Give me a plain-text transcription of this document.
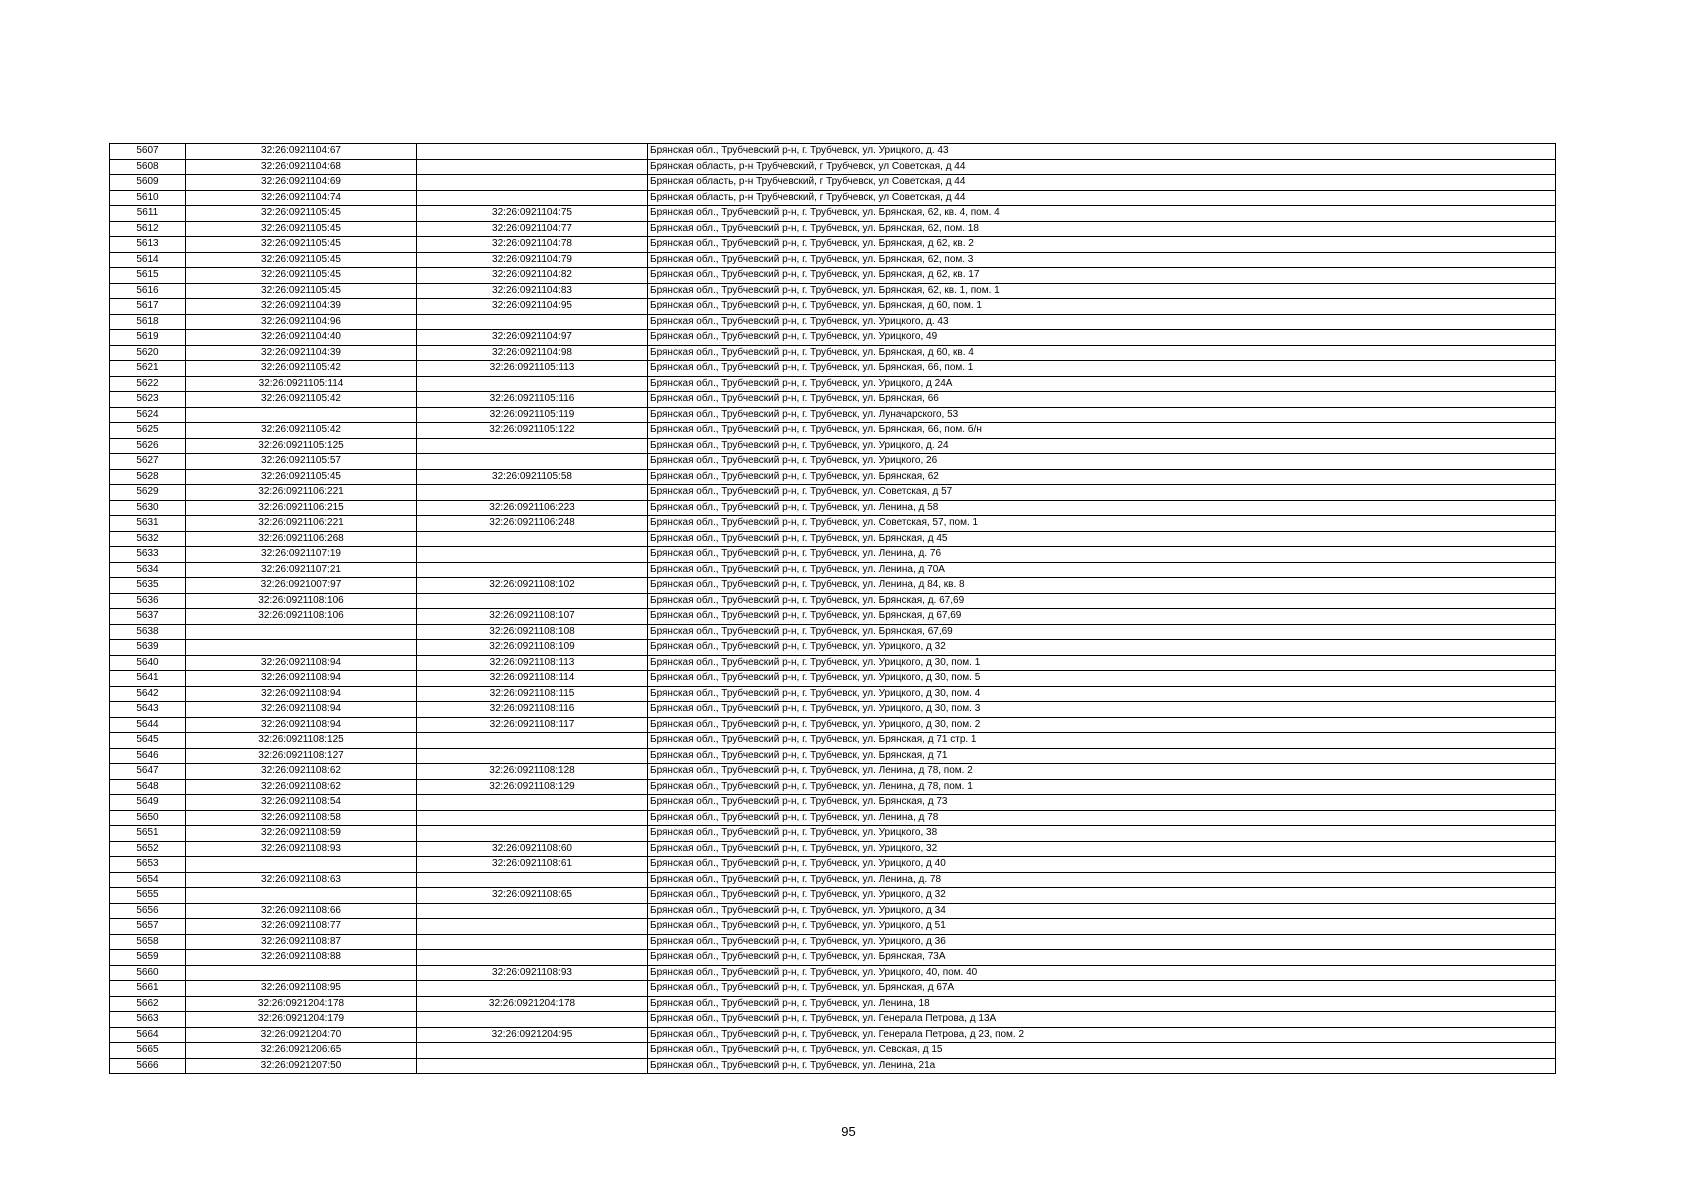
5607	32:26:0921104:67		Брянская обл., Трубчевский р-н, г. Трубчевск, ул. Урицкого, д. 43
5608	32:26:0921104:68		Брянская область, р-н Трубчевский, г Трубчевск, ул Советская, д 44
5609	32:26:0921104:69		Брянская область, р-н Трубчевский, г Трубчевск, ул Советская, д 44
5610	32:26:0921104:74		Брянская область, р-н Трубчевский, г Трубчевск, ул Советская, д 44
5611	32:26:0921105:45	32:26:0921104:75	Брянская обл., Трубчевский р-н, г. Трубчевск, ул. Брянская, 62, кв. 4, пом. 4
5612	32:26:0921105:45	32:26:0921104:77	Брянская обл., Трубчевский р-н, г. Трубчевск, ул. Брянская, 62, пом. 18
5613	32:26:0921105:45	32:26:0921104:78	Брянская обл., Трубчевский р-н, г. Трубчевск, ул. Брянская, д 62, кв. 2
5614	32:26:0921105:45	32:26:0921104:79	Брянская обл., Трубчевский р-н, г. Трубчевск, ул. Брянская, 62, пом. 3
5615	32:26:0921105:45	32:26:0921104:82	Брянская обл., Трубчевский р-н, г. Трубчевск, ул. Брянская, д 62, кв. 17
5616	32:26:0921105:45	32:26:0921104:83	Брянская обл., Трубчевский р-н, г. Трубчевск, ул. Брянская, 62, кв. 1, пом. 1
5617	32:26:0921104:39	32:26:0921104:95	Брянская обл., Трубчевский р-н, г. Трубчевск, ул. Брянская, д 60, пом. 1
5618	32:26:0921104:96		Брянская обл., Трубчевский р-н, г. Трубчевск, ул. Урицкого, д. 43
5619	32:26:0921104:40	32:26:0921104:97	Брянская обл., Трубчевский р-н, г. Трубчевск, ул. Урицкого, 49
5620	32:26:0921104:39	32:26:0921104:98	Брянская обл., Трубчевский р-н, г. Трубчевск, ул. Брянская, д 60, кв. 4
5621	32:26:0921105:42	32:26:0921105:113	Брянская обл., Трубчевский р-н, г. Трубчевск, ул. Брянская, 66, пом. 1
5622	32:26:0921105:114		Брянская обл., Трубчевский р-н, г. Трубчевск, ул. Урицкого, д 24А
5623	32:26:0921105:42	32:26:0921105:116	Брянская обл., Трубчевский р-н, г. Трубчевск, ул. Брянская, 66
5624		32:26:0921105:119	Брянская обл., Трубчевский р-н, г. Трубчевск, ул. Луначарского, 53
5625	32:26:0921105:42	32:26:0921105:122	Брянская обл., Трубчевский р-н, г. Трубчевск, ул. Брянская, 66, пом. б/н
5626	32:26:0921105:125		Брянская обл., Трубчевский р-н, г. Трубчевск, ул. Урицкого, д. 24
5627	32:26:0921105:57		Брянская обл., Трубчевский р-н, г. Трубчевск, ул. Урицкого, 26
5628	32:26:0921105:45	32:26:0921105:58	Брянская обл., Трубчевский р-н, г. Трубчевск, ул. Брянская, 62
5629	32:26:0921106:221		Брянская обл., Трубчевский р-н, г. Трубчевск, ул. Советская, д 57
5630	32:26:0921106:215	32:26:0921106:223	Брянская обл., Трубчевский р-н, г. Трубчевск, ул. Ленина, д 58
5631	32:26:0921106:221	32:26:0921106:248	Брянская обл., Трубчевский р-н, г. Трубчевск, ул. Советская, 57, пом. 1
5632	32:26:0921106:268		Брянская обл., Трубчевский р-н, г. Трубчевск, ул. Брянская, д 45
5633	32:26:0921107:19		Брянская обл., Трубчевский р-н, г. Трубчевск, ул. Ленина, д. 76
5634	32:26:0921107:21		Брянская обл., Трубчевский р-н, г. Трубчевск, ул. Ленина, д 70А
5635	32:26:0921007:97	32:26:0921108:102	Брянская обл., Трубчевский р-н, г. Трубчевск, ул. Ленина, д 84, кв. 8
5636	32:26:0921108:106		Брянская обл., Трубчевский р-н, г. Трубчевск, ул. Брянская, д. 67,69
5637	32:26:0921108:106	32:26:0921108:107	Брянская обл., Трубчевский р-н, г. Трубчевск, ул. Брянская, д 67,69
5638		32:26:0921108:108	Брянская обл., Трубчевский р-н, г. Трубчевск, ул. Брянская, 67,69
5639		32:26:0921108:109	Брянская обл., Трубчевский р-н, г. Трубчевск, ул. Урицкого, д 32
5640	32:26:0921108:94	32:26:0921108:113	Брянская обл., Трубчевский р-н, г. Трубчевск, ул. Урицкого, д 30, пом. 1
5641	32:26:0921108:94	32:26:0921108:114	Брянская обл., Трубчевский р-н, г. Трубчевск, ул. Урицкого, д 30, пом. 5
5642	32:26:0921108:94	32:26:0921108:115	Брянская обл., Трубчевский р-н, г. Трубчевск, ул. Урицкого, д 30, пом. 4
5643	32:26:0921108:94	32:26:0921108:116	Брянская обл., Трубчевский р-н, г. Трубчевск, ул. Урицкого, д 30, пом. 3
5644	32:26:0921108:94	32:26:0921108:117	Брянская обл., Трубчевский р-н, г. Трубчевск, ул. Урицкого, д 30, пом. 2
5645	32:26:0921108:125		Брянская обл., Трубчевский р-н, г. Трубчевск, ул. Брянская, д 71 стр. 1
5646	32:26:0921108:127		Брянская обл., Трубчевский р-н, г. Трубчевск, ул. Брянская, д 71
5647	32:26:0921108:62	32:26:0921108:128	Брянская обл., Трубчевский р-н, г. Трубчевск, ул. Ленина, д 78, пом. 2
5648	32:26:0921108:62	32:26:0921108:129	Брянская обл., Трубчевский р-н, г. Трубчевск, ул. Ленина, д 78, пом. 1
5649	32:26:0921108:54		Брянская обл., Трубчевский р-н, г. Трубчевск, ул. Брянская, д 73
5650	32:26:0921108:58		Брянская обл., Трубчевский р-н, г. Трубчевск, ул. Ленина, д 78
5651	32:26:0921108:59		Брянская обл., Трубчевский р-н, г. Трубчевск, ул. Урицкого, 38
5652	32:26:0921108:93	32:26:0921108:60	Брянская обл., Трубчевский р-н, г. Трубчевск, ул. Урицкого, 32
5653		32:26:0921108:61	Брянская обл., Трубчевский р-н, г. Трубчевск, ул. Урицкого, д 40
5654	32:26:0921108:63		Брянская обл., Трубчевский р-н, г. Трубчевск, ул. Ленина, д. 78
5655		32:26:0921108:65	Брянская обл., Трубчевский р-н, г. Трубчевск, ул. Урицкого, д 32
5656	32:26:0921108:66		Брянская обл., Трубчевский р-н, г. Трубчевск, ул. Урицкого, д 34
5657	32:26:0921108:77		Брянская обл., Трубчевский р-н, г. Трубчевск, ул. Урицкого, д 51
5658	32:26:0921108:87		Брянская обл., Трубчевский р-н, г. Трубчевск, ул. Урицкого, д 36
5659	32:26:0921108:88		Брянская обл., Трубчевский р-н, г. Трубчевск, ул. Брянская, 73А
5660		32:26:0921108:93	Брянская обл., Трубчевский р-н, г. Трубчевск, ул. Урицкого, 40, пом. 40
5661	32:26:0921108:95		Брянская обл., Трубчевский р-н, г. Трубчевск, ул. Брянская, д 67А
5662	32:26:0921204:178	32:26:0921204:178	Брянская обл., Трубчевский р-н, г. Трубчевск, ул. Ленина, 18
5663	32:26:0921204:179		Брянская обл., Трубчевский р-н, г. Трубчевск, ул. Генерала Петрова, д 13А
5664	32:26:0921204:70	32:26:0921204:95	Брянская обл., Трубчевский р-н, г. Трубчевск, ул. Генерала Петрова, д 23, пом. 2
5665	32:26:0921206:65		Брянская обл., Трубчевский р-н, г. Трубчевск, ул. Севская, д 15
5666	32:26:0921207:50		Брянская обл., Трубчевский р-н, г. Трубчевск, ул. Ленина, 21а
95
